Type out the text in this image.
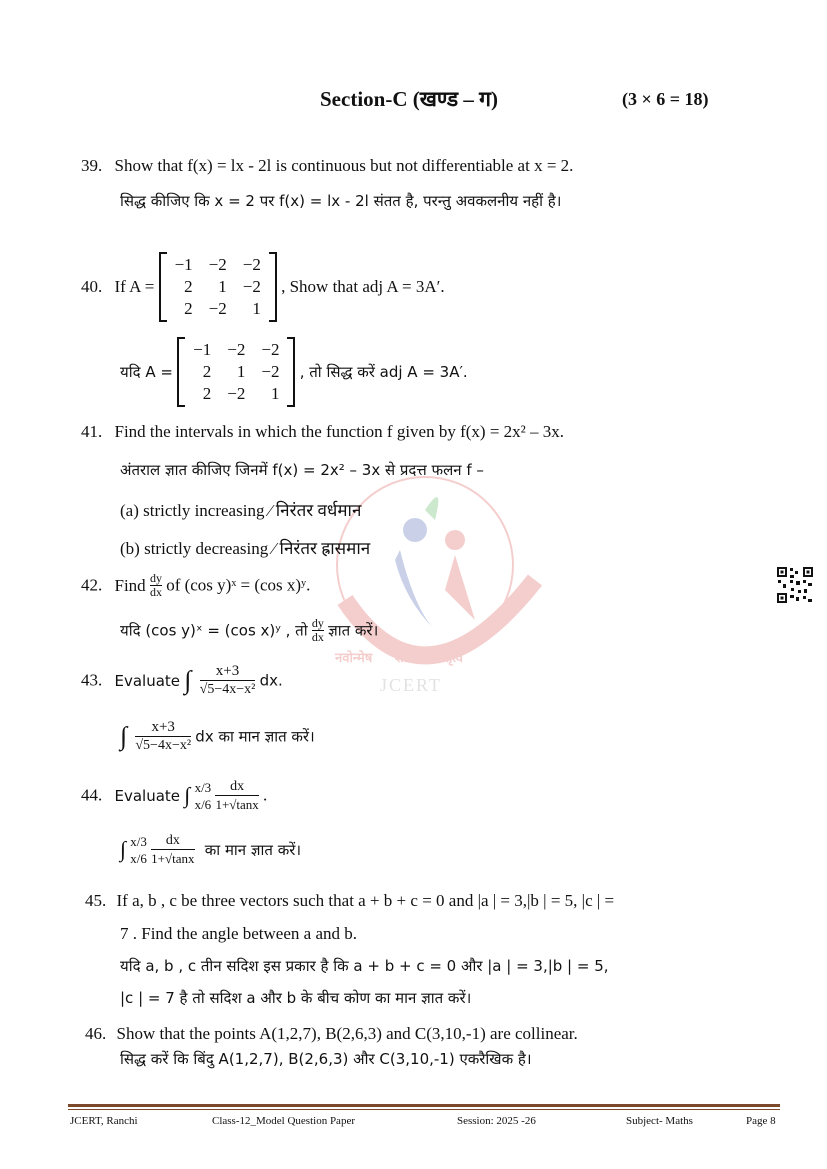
नवोन्मेष शोध नेतृत्व
JCERT
Section-C (खण्ड – ग)	(3 × 6 = 18)
39. Show that f(x) = lx - 2l is continuous but not differentiable at x = 2.
सिद्ध कीजिए कि x = 2 पर f(x) = lx - 2l संतत है, परन्तु अवकलनीय नहीं है।
40. If A =
−1	−2	−2
2	1	−2
2	−2	1
, Show that adj A = 3A′.
यदि A =
−1	−2	−2
2	1	−2
2	−2	1
, तो सिद्ध करें adj A = 3A′.
41. Find the intervals in which the function f given by f(x) = 2x² – 3x.
अंतराल ज्ञात कीजिए जिनमें f(x) = 2x² – 3x से प्रदत्त फलन f –
(a) strictly increasing ⁄ निरंतर वर्धमान
(b) strictly decreasing ⁄ निरंतर ह्रासमान
42. Find $\frac{dy}{dx}$ of (cos y)ˣ = (cos x)ʸ.
यदि (cos y)ˣ = (cos x)ʸ , तो $\frac{dy}{dx}$ ज्ञात करें।
43. Evaluate ∫ $\frac{x+3}{\text{√5−4x−x²}}$ dx.
∫ $\frac{x+3}{\text{√5−4x−x²}}$ dx का मान ज्ञात करें।
44. Evaluate ∫ x/3
x/6
$\frac{dx}{1+√\tan x}$ .
∫ x/3
x/6
$\frac{dx}{1+√\tan x}$ का मान ज्ञात करें।
45. If a, b , c be three vectors such that a + b + c = 0 and |a | = 3,|b | = 5, |c | =
7 . Find the angle between a and b.
यदि a, b , c तीन सदिश इस प्रकार है कि a + b + c = 0 और |a | = 3,|b | = 5,
|c | = 7 है तो सदिश a और b के बीच कोण का मान ज्ञात करें।
46. Show that the points A(1,2,7), B(2,6,3) and C(3,10,-1) are collinear.
सिद्ध करें कि बिंदु A(1,2,7), B(2,6,3) और C(3,10,-1) एकरैखिक है।
JCERT, Ranchi	Class-12_Model Question Paper	Session: 2025 -26	Subject- Maths	Page 8
